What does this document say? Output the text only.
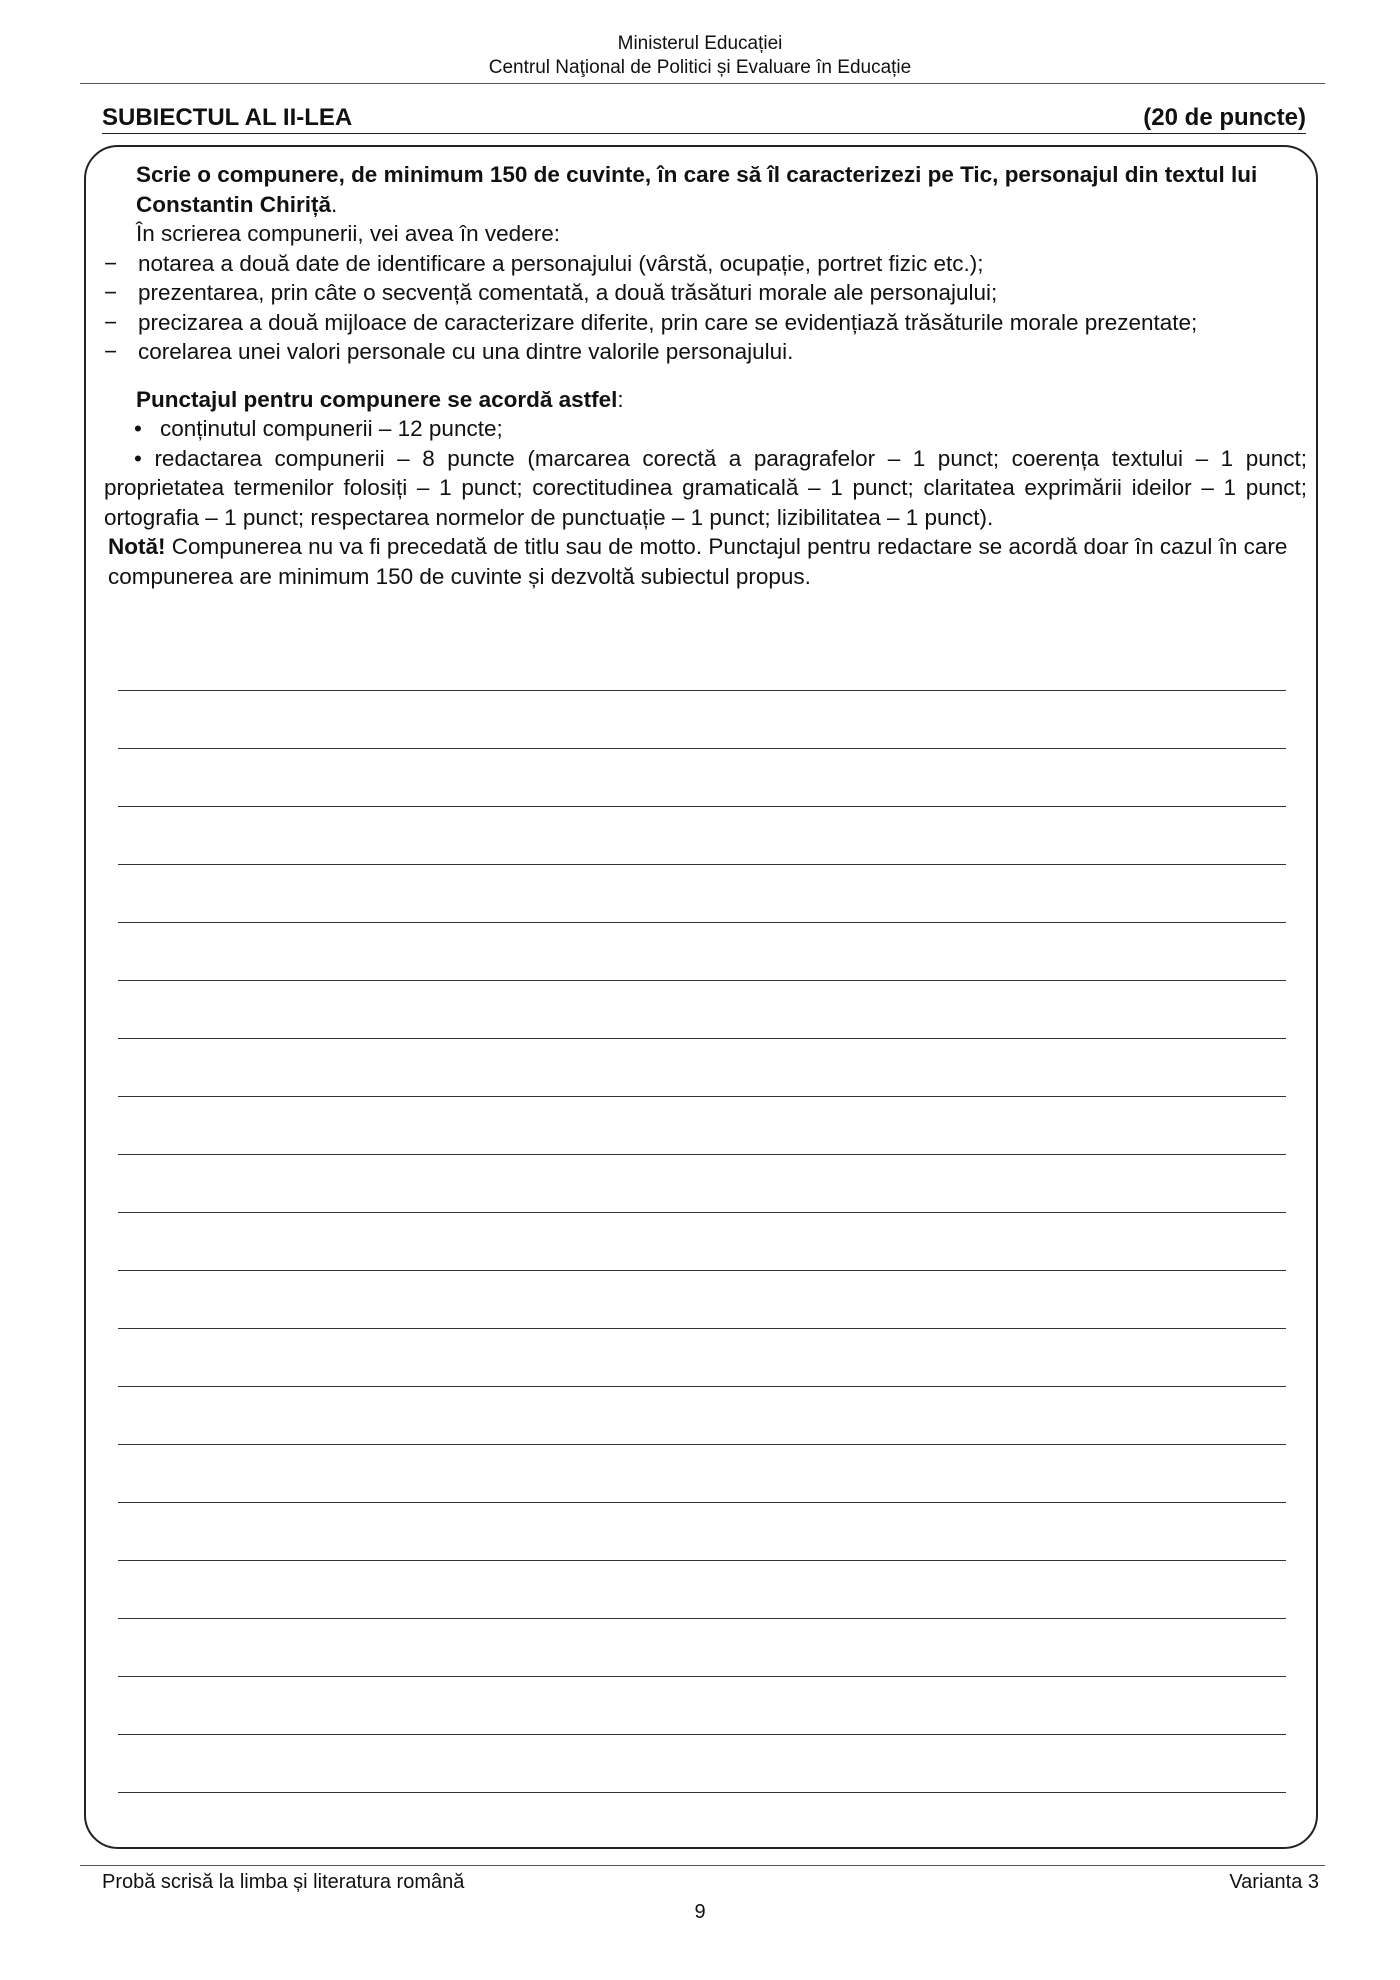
Ministerul Educației
Centrul Naţional de Politici și Evaluare în Educație
SUBIECTUL AL II-LEA	(20 de puncte)

Scrie o compunere, de minimum 150 de cuvinte, în care să îl caracterizezi pe Tic, personajul din textul lui Constantin Chiriță.

În scrierea compunerii, vei avea în vedere:

− notarea a două date de identificare a personajului (vârstă, ocupație, portret fizic etc.);
− prezentarea, prin câte o secvență comentată, a două trăsături morale ale personajului;
− precizarea a două mijloace de caracterizare diferite, prin care se evidențiază trăsăturile morale prezentate;
− corelarea unei valori personale cu una dintre valorile personajului.

Punctajul pentru compunere se acordă astfel:

• conținutul compunerii – 12 puncte;
• redactarea compunerii – 8 puncte (marcarea corectă a paragrafelor – 1 punct; coerența textului – 1 punct; proprietatea termenilor folosiți – 1 punct; corectitudinea gramaticală – 1 punct; claritatea exprimării ideilor – 1 punct; ortografia – 1 punct; respectarea normelor de punctuație – 1 punct; lizibilitatea – 1 punct).

Notă! Compunerea nu va fi precedată de titlu sau de motto. Punctajul pentru redactare se acordă doar în cazul în care compunerea are minimum 150 de cuvinte și dezvoltă subiectul propus.

Probă scrisă la limba și literatura română	Varianta 3
9
